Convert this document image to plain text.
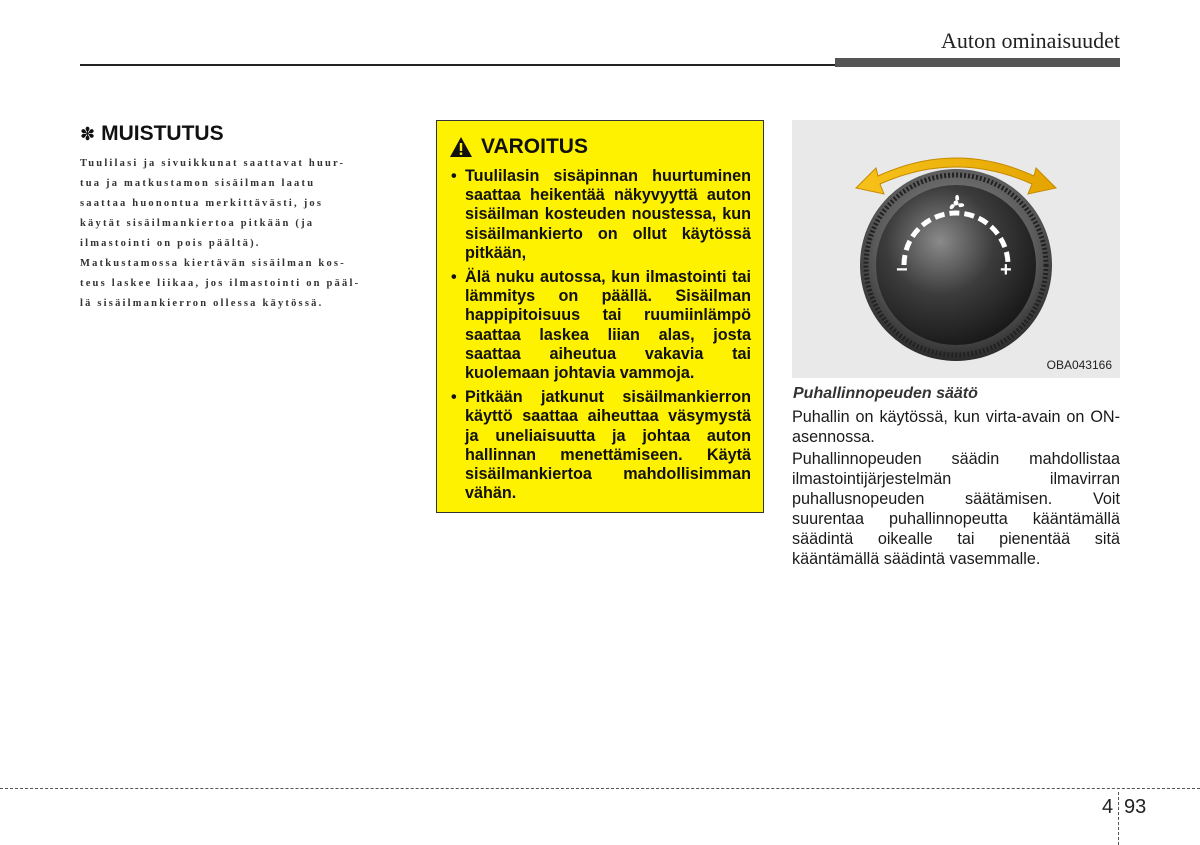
Auton ominaisuudet
✽ MUISTUTUS

Tuulilasi ja sivuikkunat saattavat huur-

tua ja matkustamon sisäilman laatu

saattaa huonontua merkittävästi, jos

käytät sisäilmankiertoa pitkään (ja

ilmastointi on pois päältä).

Matkustamossa kiertävän sisäilman kos-

teus laskee liikaa, jos ilmastointi on pääl-

lä sisäilmankierron ollessa käytössä.

VAROITUS
• Tuulilasin sisäpinnan huurtuminen saattaa heikentää näkyvyyttä auton sisäilman kosteuden noustessa, kun sisäilmankierto on ollut käytössä pitkään,
• Älä nuku autossa, kun ilmastointi tai lämmitys on päällä. Sisäilman happipitoisuus tai ruumiinlämpö saattaa laskea liian alas, josta saattaa aiheutua vakavia tai kuolemaan johtavia vammoja.
• Pitkään jatkunut sisäilmankierron käyttö saattaa aiheuttaa väsymystä ja uneliaisuutta ja johtaa auton hallinnan menettämiseen. Käytä sisäilmankiertoa mahdollisimman vähän.
−	+
OBA043166
Puhallinnopeuden säätö

Puhallin on käytössä, kun virta-avain on ON-asennossa.

Puhallinnopeuden säädin mahdollistaa ilmastointijärjestelmän ilmavirran puhallusnopeuden säätämisen. Voit suurentaa puhallinnopeutta kääntämällä säädintä oikealle tai pienentää sitä kääntämällä säädintä vasemmalle.

4 93
